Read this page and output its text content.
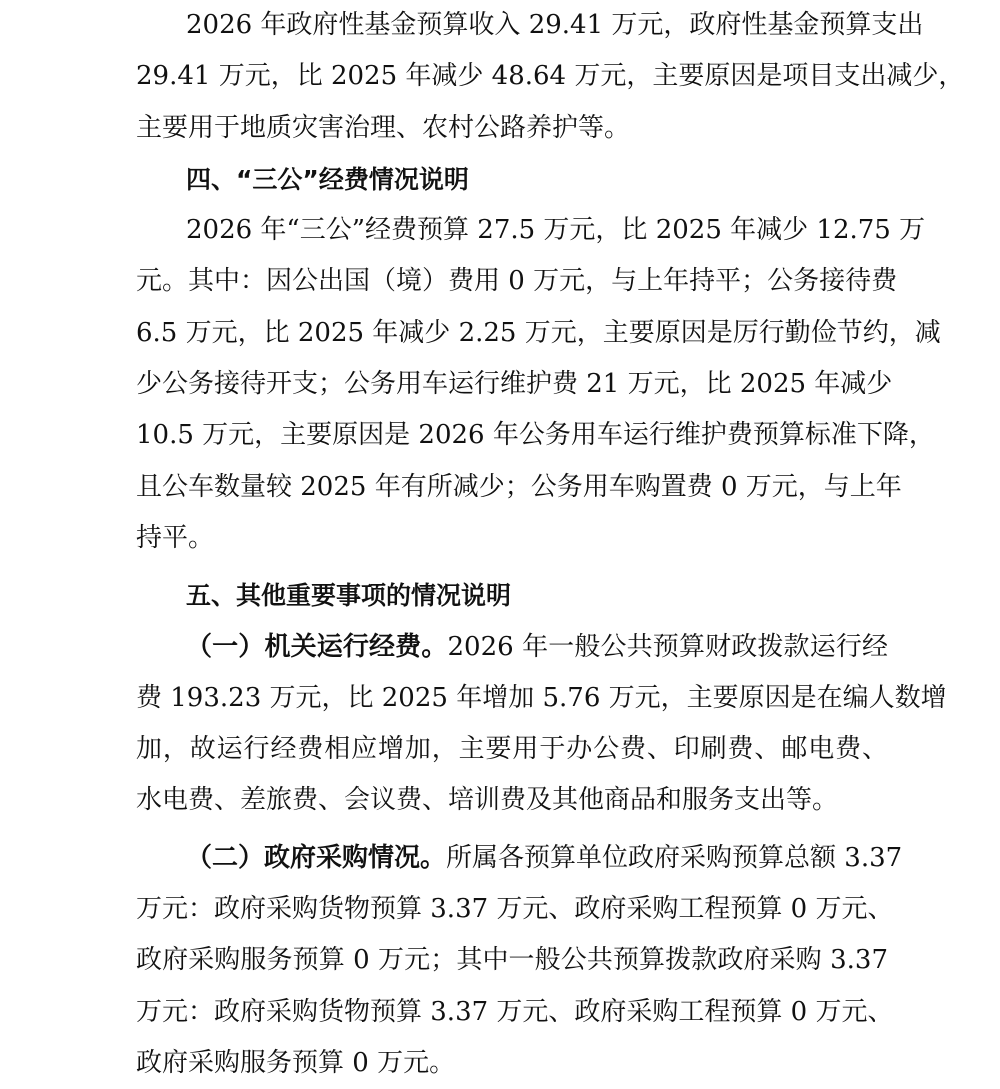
2026 年政府性基金预算收入 29.41 万元，政府性基金预算支出
29.41 万元，比 2025 年减少 48.64 万元，主要原因是项目支出减少，
主要用于地质灾害治理、农村公路养护等。
四、“三公”经费情况说明
2026 年“三公”经费预算 27.5 万元，比 2025 年减少 12.75 万
元。其中：因公出国（境）费用 0 万元，与上年持平；公务接待费
6.5 万元，比 2025 年减少 2.25 万元，主要原因是厉行勤俭节约，减
少公务接待开支；公务用车运行维护费 21 万元，比 2025 年减少
10.5 万元，主要原因是 2026 年公务用车运行维护费预算标准下降，
且公车数量较 2025 年有所减少；公务用车购置费 0 万元，与上年
持平。
五、其他重要事项的情况说明
（一）机关运行经费。2026 年一般公共预算财政拨款运行经
费 193.23 万元，比 2025 年增加 5.76 万元，主要原因是在编人数增
加，故运行经费相应增加，主要用于办公费、印刷费、邮电费、
水电费、差旅费、会议费、培训费及其他商品和服务支出等。
（二）政府采购情况。所属各预算单位政府采购预算总额 3.37
万元：政府采购货物预算 3.37 万元、政府采购工程预算 0 万元、
政府采购服务预算 0 万元；其中一般公共预算拨款政府采购 3.37
万元：政府采购货物预算 3.37 万元、政府采购工程预算 0 万元、
政府采购服务预算 0 万元。
